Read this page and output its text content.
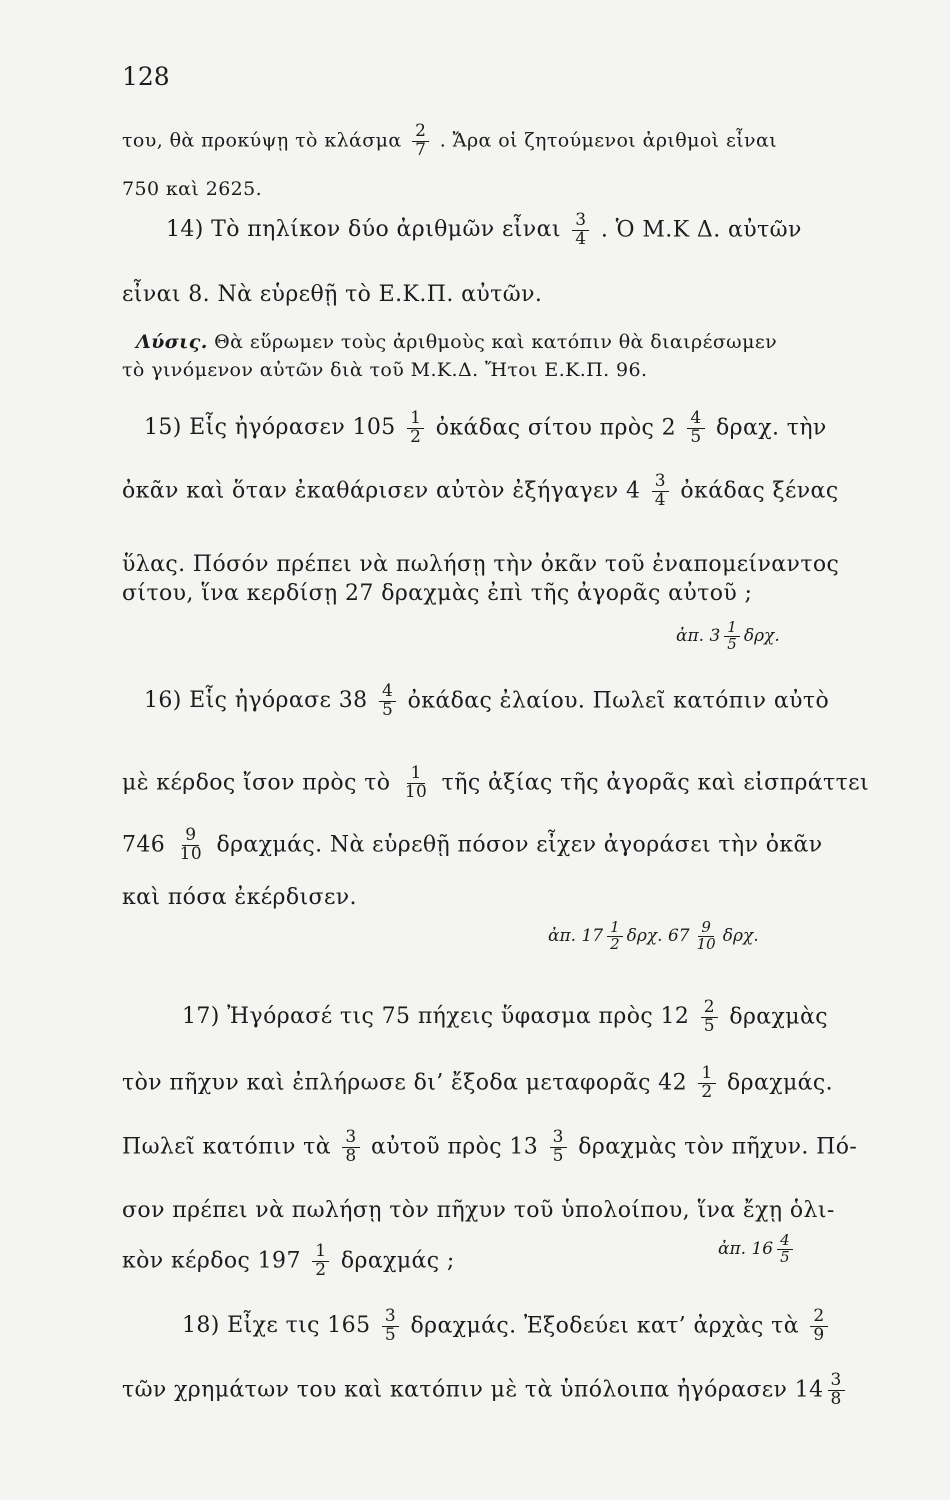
128
του, θὰ προκύψῃ τὸ κλάσμα $\frac{2}{7}$ . Ἄρα οἱ ζητούμενοι ἀριθμοὶ εἶναι
750 καὶ 2625.
14) Τὸ πηλίκον δύο ἀριθμῶν εἶναι $\frac{3}{4}$ . Ὁ Μ.Κ Δ. αὐτῶν
εἶναι 8. Νὰ εὑρεθῇ τὸ Ε.Κ.Π. αὐτῶν.
Λύσις. Θὰ εὕρωμεν τοὺς ἀριθμοὺς καὶ κατόπιν θὰ διαιρέσωμεν
τὸ γινόμενον αὐτῶν διὰ τοῦ Μ.Κ.Δ. Ἤτοι Ε.Κ.Π. 96.
15) Εἷς ἠγόρασεν $105 \frac{1}{2}$ ὀκάδας σίτου πρὸς $2 \frac{4}{5} \delta\rho\alpha\chi$. τὴν
ὀκᾶν καὶ ὅταν ἐκαθάρισεν αὐτὸν ἐξήγαγεν $4 \frac{3}{4}$ ὀκάδας ξένας
ὕλας. Πόσόν πρέπει νὰ πωλήσῃ τὴν ὀκᾶν τοῦ ἐναπομείναντος
σίτου, ἵνα κερδίσῃ 27 δραχμὰς ἐπὶ τῆς ἀγορᾶς αὐτοῦ ;
ἀπ. $3 \frac{1}{5} \delta\rho\chi$.
16) Εἷς ἠγόρασε $38 \frac{4}{5}$ ὀκάδας ἐλαίου. Πωλεῖ κατόπιν αὐτὸ
μὲ κέρδος ἴσον πρὸς τὸ $\frac{1}{10}$ τῆς ἀξίας τῆς ἀγορᾶς καὶ εἰσπράττει
$746 \frac{9}{10} \delta\rho\alpha\chi\mu ά\varsigma$. Νὰ εὑρεθῇ πόσον εἶχεν ἀγοράσει τὴν ὀκᾶν
καὶ πόσα ἐκέρδισεν.
ἀπ. $17 \frac{1}{2} \delta\rho\chi$. $67 \frac{9}{10} \delta\rho\chi$.
17) Ἠγόρασέ τις 75 πήχεις ὕφασμα πρὸς $12 \frac{2}{5}$ δραχμὰς
τὸν πῆχυν καὶ ἐπλήρωσε δι’ ἔξοδα μεταφορᾶς $42 \frac{1}{2} \delta\rho\alpha\chi\mu ά\varsigma$.
Πωλεῖ κατόπιν τὰ $\frac{3}{8}$ αὐτοῦ πρὸς $13 \frac{3}{5}$ δραχμὰς τὸν πῆχυν. Πό-
σον πρέπει νὰ πωλήσῃ τὸν πῆχυν τοῦ ὑπολοίπου, ἵνα ἔχῃ ὁλι-
κὸν κέρδος $197 \frac{1}{2}$ δραχμάς ;	ἀπ. $16 \frac{4}{5}$
18) Εἶχε τις $165 \frac{3}{5} \delta\rho\alpha\chi\mu ά\varsigma$. Ἐξοδεύει κατ’ ἀρχὰς τὰ $\frac{2}{9}$
τῶν χρημάτων του καὶ κατόπιν μὲ τὰ ὑπόλοιπα ἠγόρασεν $14 \frac{3}{8}$
